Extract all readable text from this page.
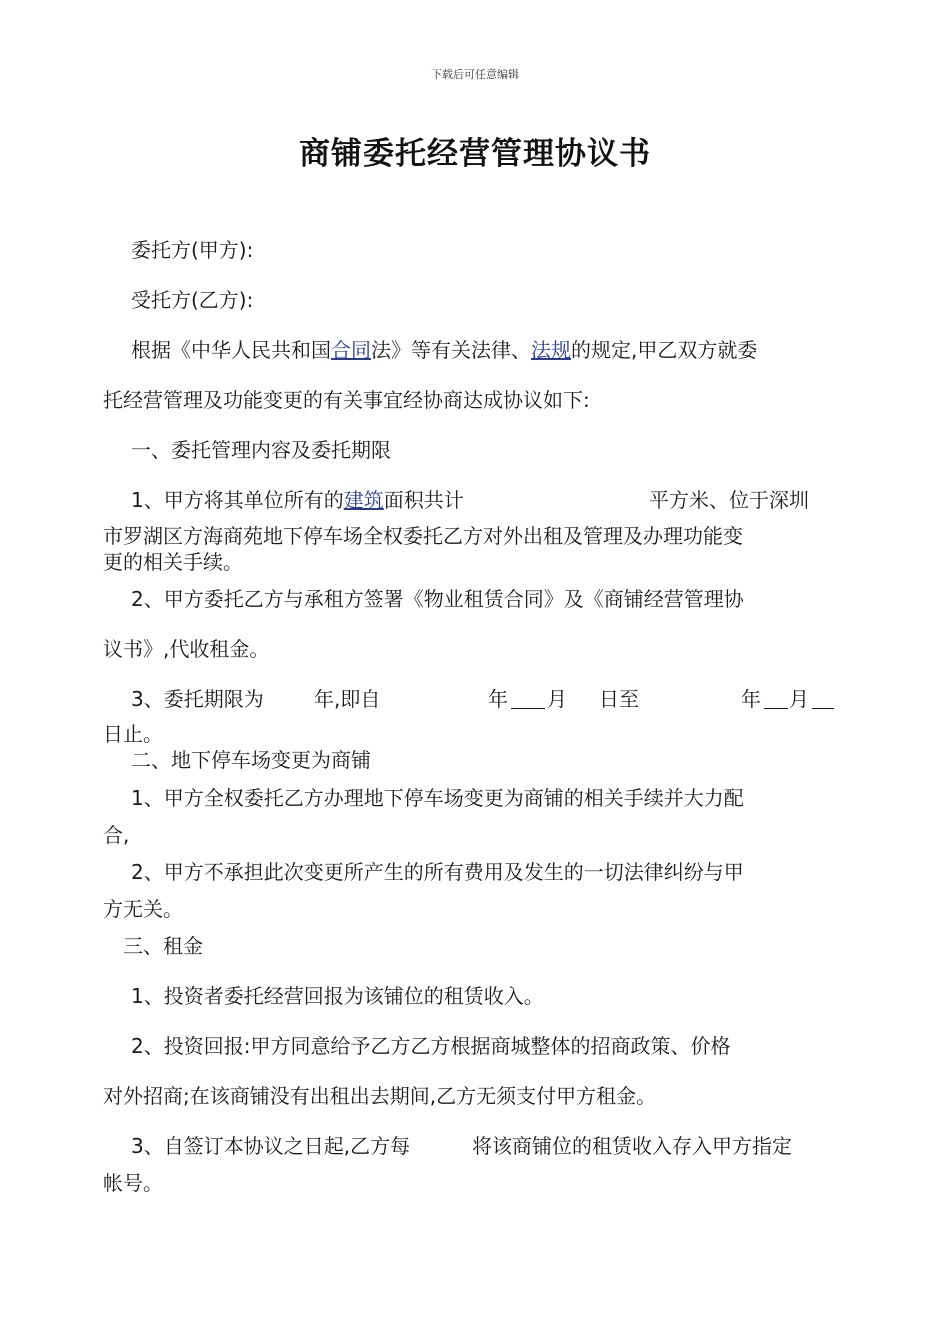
下载后可任意编辑
商铺委托经营管理协议书
委托方(甲方):
受托方(乙方):
根据《中华人民共和国合同法》等有关法律、法规的规定,甲乙双方就委
托经营管理及功能变更的有关事宜经协商达成协议如下:
一、委托管理内容及委托期限
1、甲方将其单位所有的建筑面积共计	平方米、位于深圳
市罗湖区方海商苑地下停车场全权委托乙方对外出租及管理及办理功能变
更的相关手续。
2、甲方委托乙方与承租方签署《物业租赁合同》及《商铺经营管理协
议书》,代收租金。
3、委托期限为	年,即自	年 月 日至	年 月
日止。
二、地下停车场变更为商铺
1、甲方全权委托乙方办理地下停车场变更为商铺的相关手续并大力配
合,
2、甲方不承担此次变更所产生的所有费用及发生的一切法律纠纷与甲
方无关。
三、租金
1、投资者委托经营回报为该铺位的租赁收入。
2、投资回报:甲方同意给予乙方乙方根据商城整体的招商政策、价格
对外招商;在该商铺没有出租出去期间,乙方无须支付甲方租金。
3、自签订本协议之日起,乙方每	将该商铺位的租赁收入存入甲方指定
帐号。
